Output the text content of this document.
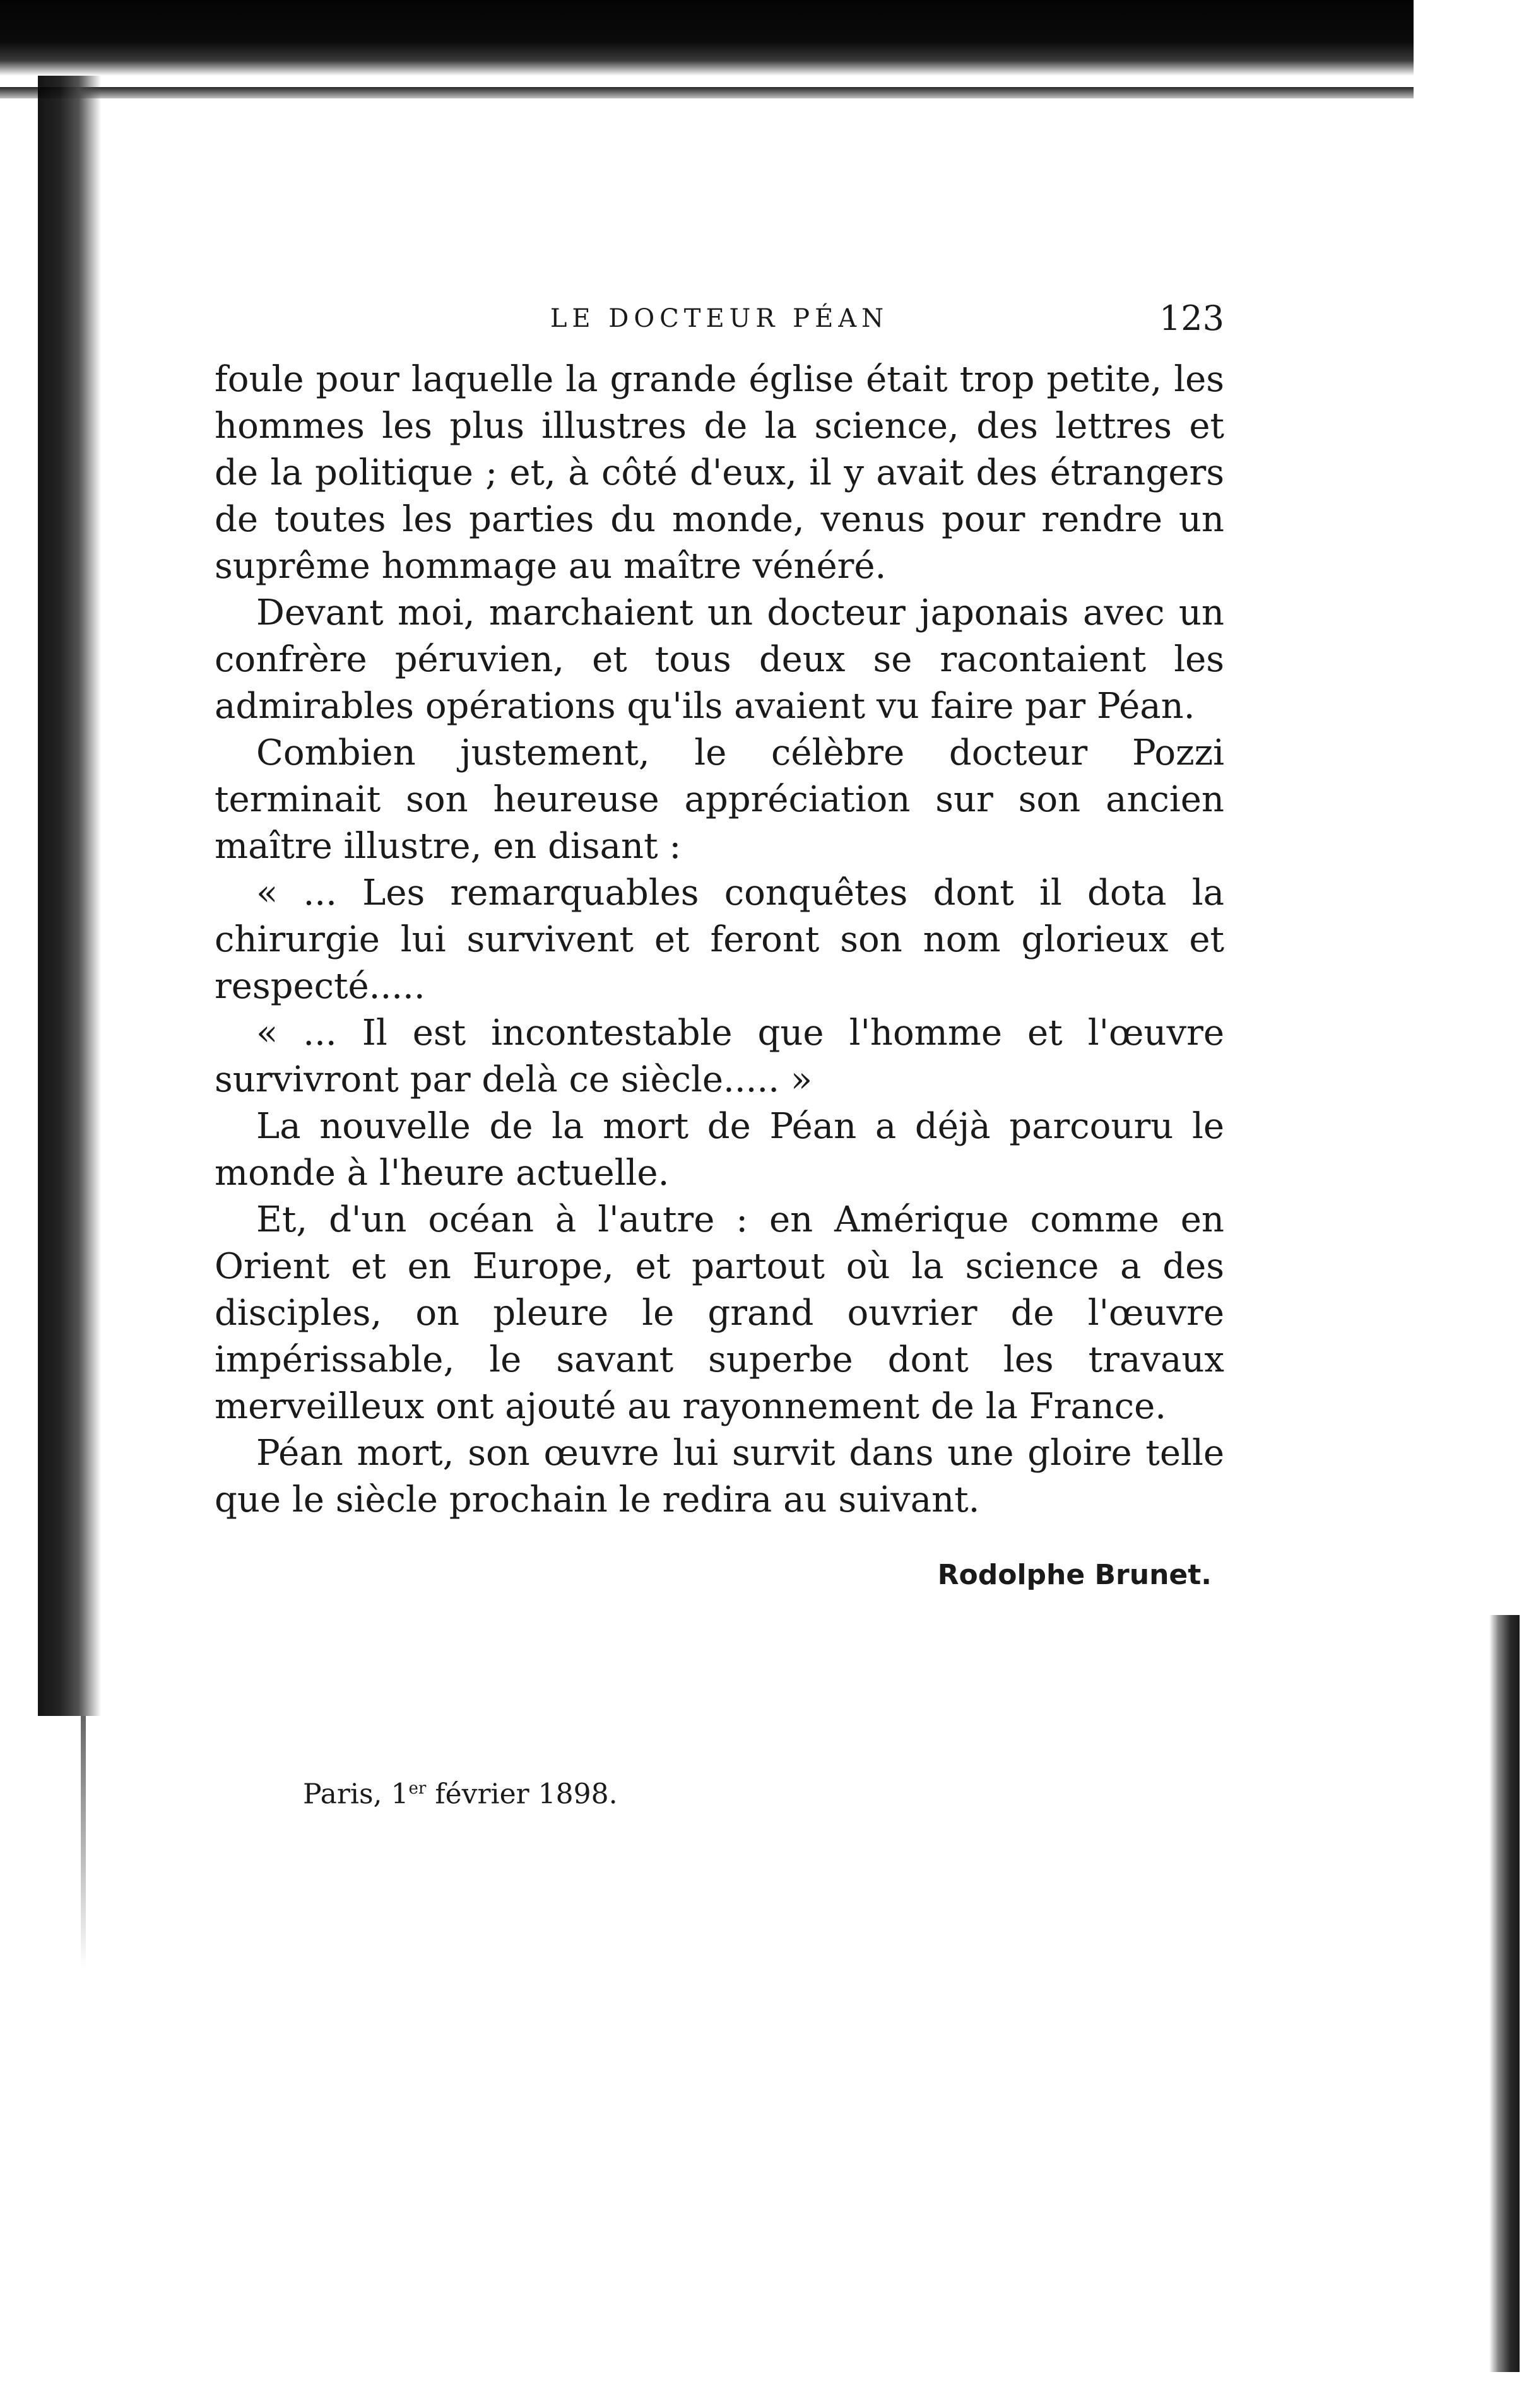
LE DOCTEUR PÉAN	123

foule pour laquelle la grande église était trop petite, les hommes les plus illustres de la science, des lettres et de la politique ; et, à côté d'eux, il y avait des étrangers de toutes les parties du monde, venus pour rendre un suprême hommage au maître vénéré.

Devant moi, marchaient un docteur japonais avec un confrère péruvien, et tous deux se racontaient les admirables opérations qu'ils avaient vu faire par Péan.

Combien justement, le célèbre docteur Pozzi terminait son heureuse appréciation sur son ancien maître illustre, en disant :

« ... Les remarquables conquêtes dont il dota la chirurgie lui survivent et feront son nom glorieux et respecté.....

« ... Il est incontestable que l'homme et l'œuvre survivront par delà ce siècle..... »

La nouvelle de la mort de Péan a déjà parcouru le monde à l'heure actuelle.

Et, d'un océan à l'autre : en Amérique comme en Orient et en Europe, et partout où la science a des disciples, on pleure le grand ouvrier de l'œuvre impérissable, le savant superbe dont les travaux merveilleux ont ajouté au rayonnement de la France.

Péan mort, son œuvre lui survit dans une gloire telle que le siècle prochain le redira au suivant.

Rodolphe Brunet.
Paris, 1er février 1898.
